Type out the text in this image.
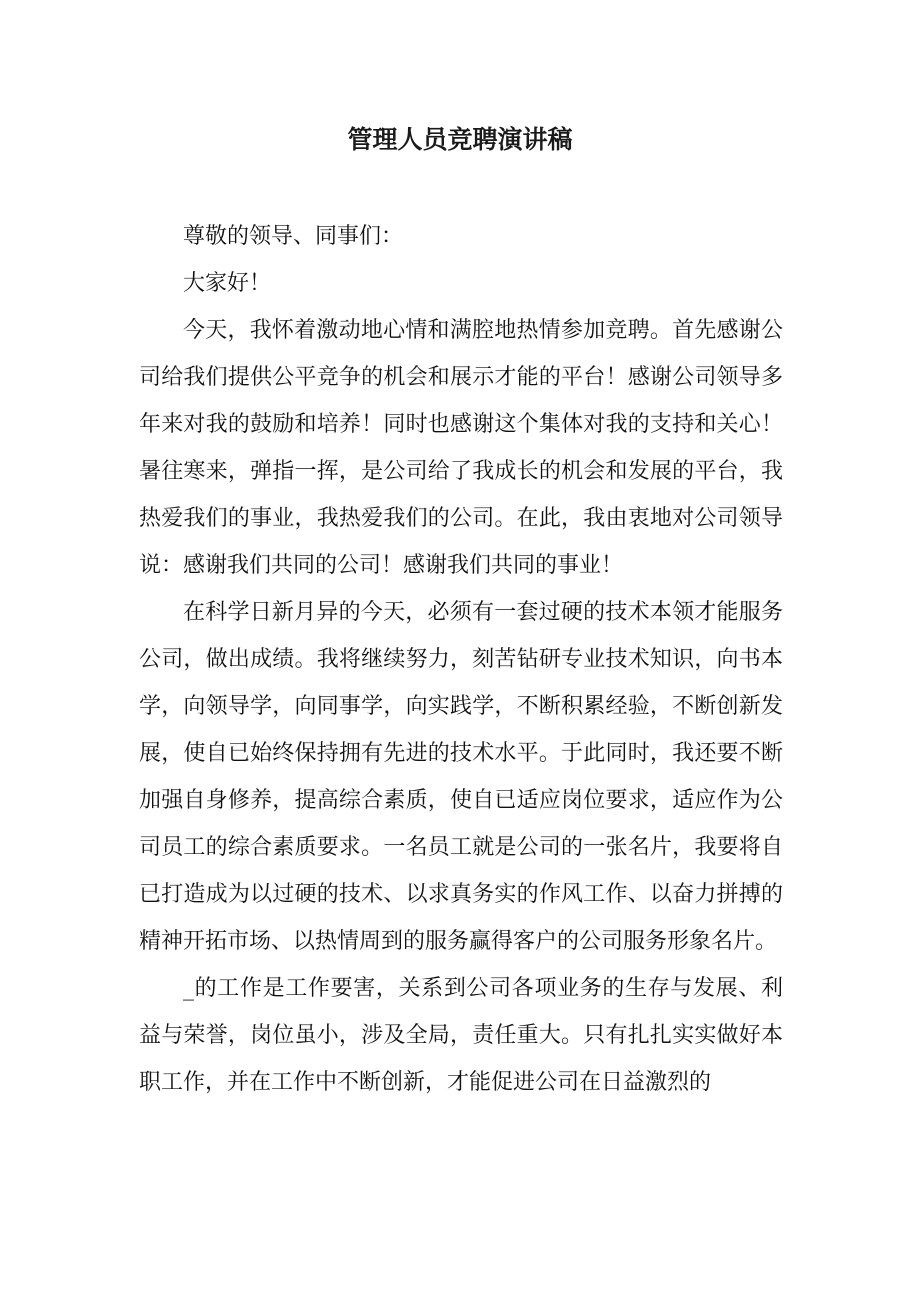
管理人员竞聘演讲稿

尊敬的领导、同事们：

大家好！

今天，我怀着激动地心情和满腔地热情参加竞聘。首先感谢公司给我们提供公平竞争的机会和展示才能的平台！感谢公司领导多年来对我的鼓励和培养！同时也感谢这个集体对我的支持和关心！暑往寒来，弹指一挥，是公司给了我成长的机会和发展的平台，我热爱我们的事业，我热爱我们的公司。在此，我由衷地对公司领导说：感谢我们共同的公司！感谢我们共同的事业！

在科学日新月异的今天，必须有一套过硬的技术本领才能服务公司，做出成绩。我将继续努力，刻苦钻研专业技术知识，向书本学，向领导学，向同事学，向实践学，不断积累经验，不断创新发展，使自已始终保持拥有先进的技术水平。于此同时，我还要不断加强自身修养，提高综合素质，使自已适应岗位要求，适应作为公司员工的综合素质要求。一名员工就是公司的一张名片，我要将自已打造成为以过硬的技术、以求真务实的作风工作、以奋力拼搏的精神开拓市场、以热情周到的服务赢得客户的公司服务形象名片。

_的工作是工作要害，关系到公司各项业务的生存与发展、利益与荣誉，岗位虽小，涉及全局，责任重大。只有扎扎实实做好本职工作，并在工作中不断创新，才能促进公司在日益激烈的
